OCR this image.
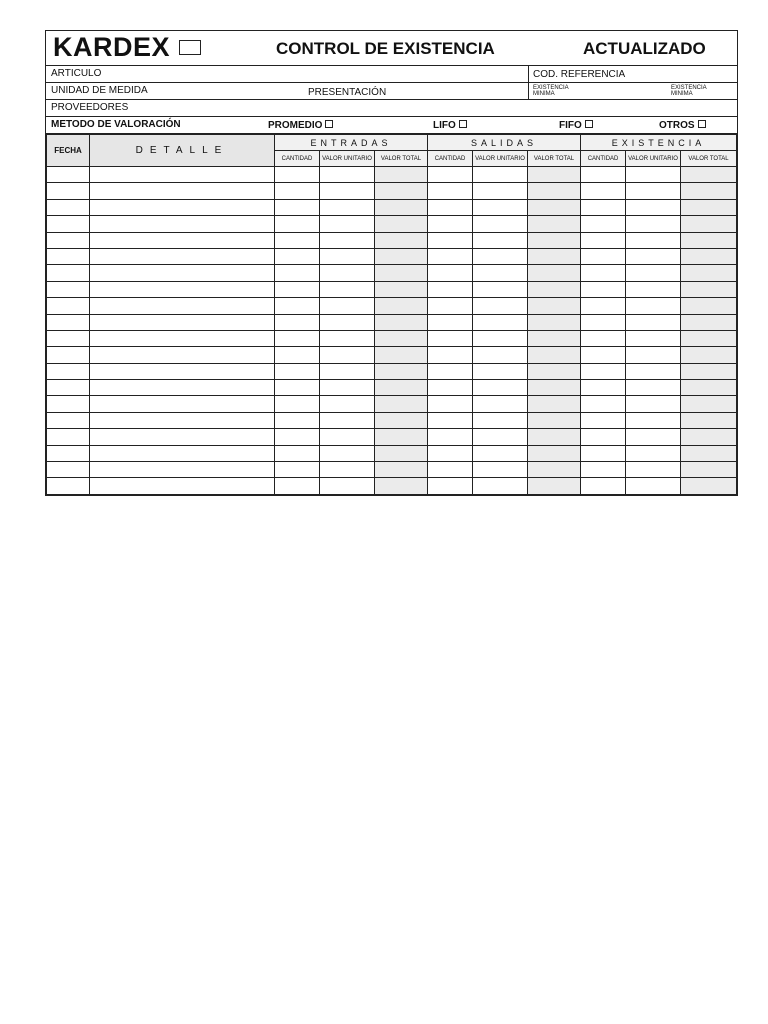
KARDEX	CONTROL DE EXISTENCIA	ACTUALIZADO
ARTICULO	COD. REFERENCIA
UNIDAD DE MEDIDA	PRESENTACIÓN	EXISTENCIA MINIMA
EXISTENCIA MINIMA
PROVEEDORES
METODO DE VALORACIÓN	PROMEDIO	LIFO	FIFO	OTROS
FECHA	DETALLE	ENTRADAS			SALIDAS			EXISTENCIA		
		CANTIDAD	VALOR UNITARIO	VALOR TOTAL	CANTIDAD	VALOR UNITARIO	VALOR TOTAL	CANTIDAD	VALOR UNITARIO	VALOR TOTAL
